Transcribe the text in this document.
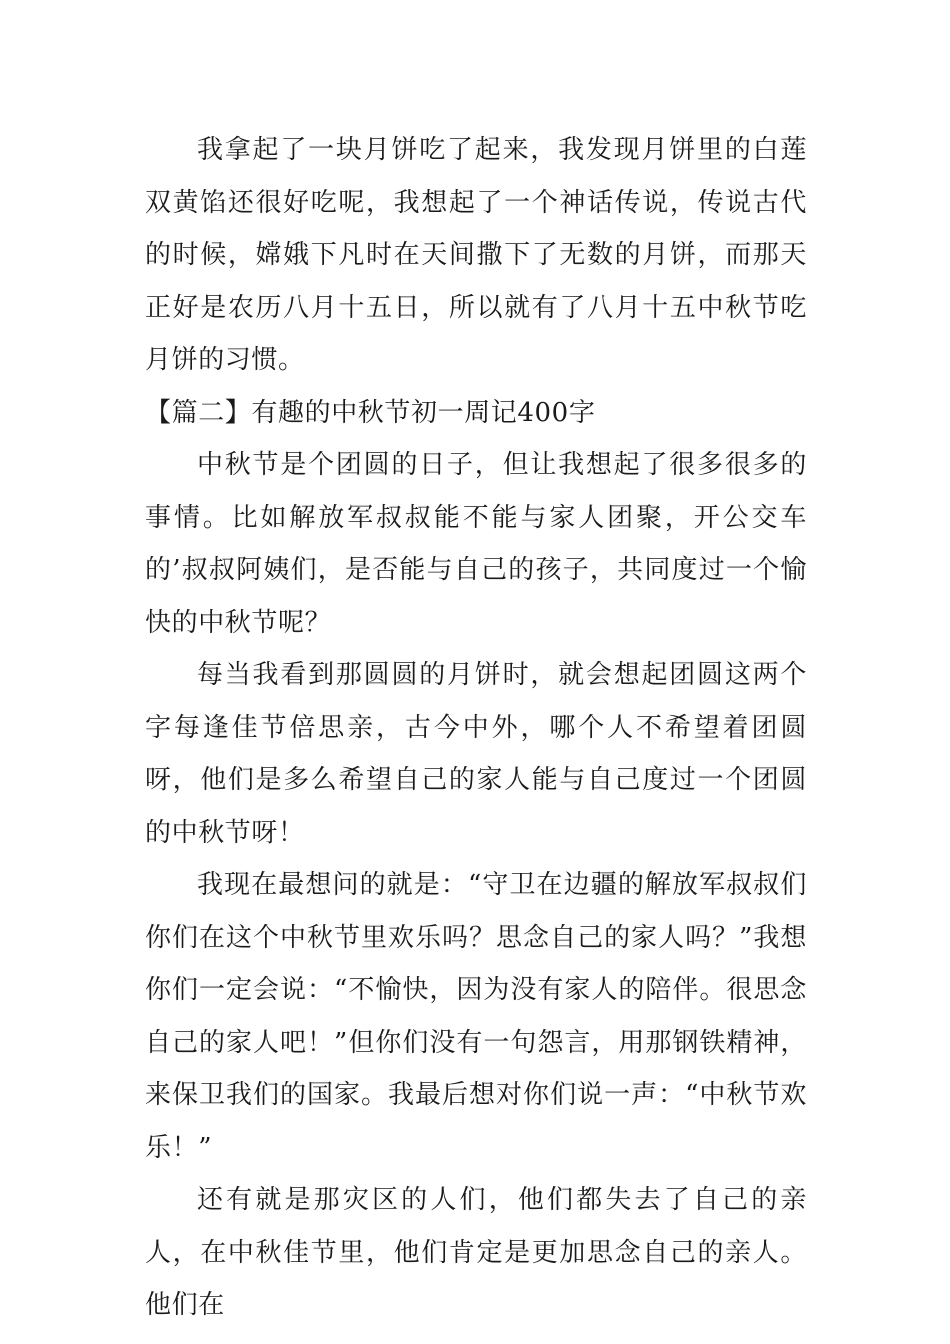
我拿起了一块月饼吃了起来，我发现月饼里的白莲双黄馅还很好吃呢，我想起了一个神话传说，传说古代的时候，嫦娥下凡时在天间撒下了无数的月饼，而那天正好是农历八月十五日，所以就有了八月十五中秋节吃月饼的习惯。

【篇二】有趣的中秋节初一周记400字

中秋节是个团圆的日子，但让我想起了很多很多的事情。比如解放军叔叔能不能与家人团聚，开公交车的’叔叔阿姨们，是否能与自己的孩子，共同度过一个愉快的中秋节呢？

每当我看到那圆圆的月饼时，就会想起团圆这两个字每逢佳节倍思亲，古今中外，哪个人不希望着团圆呀，他们是多么希望自己的家人能与自己度过一个团圆的中秋节呀！

我现在最想问的就是：“守卫在边疆的解放军叔叔们你们在这个中秋节里欢乐吗？思念自己的家人吗？”我想你们一定会说：“不愉快，因为没有家人的陪伴。很思念自己的家人吧！”但你们没有一句怨言，用那钢铁精神，来保卫我们的国家。我最后想对你们说一声：“中秋节欢乐！”

还有就是那灾区的人们，他们都失去了自己的亲人，在中秋佳节里，他们肯定是更加思念自己的亲人。他们在
